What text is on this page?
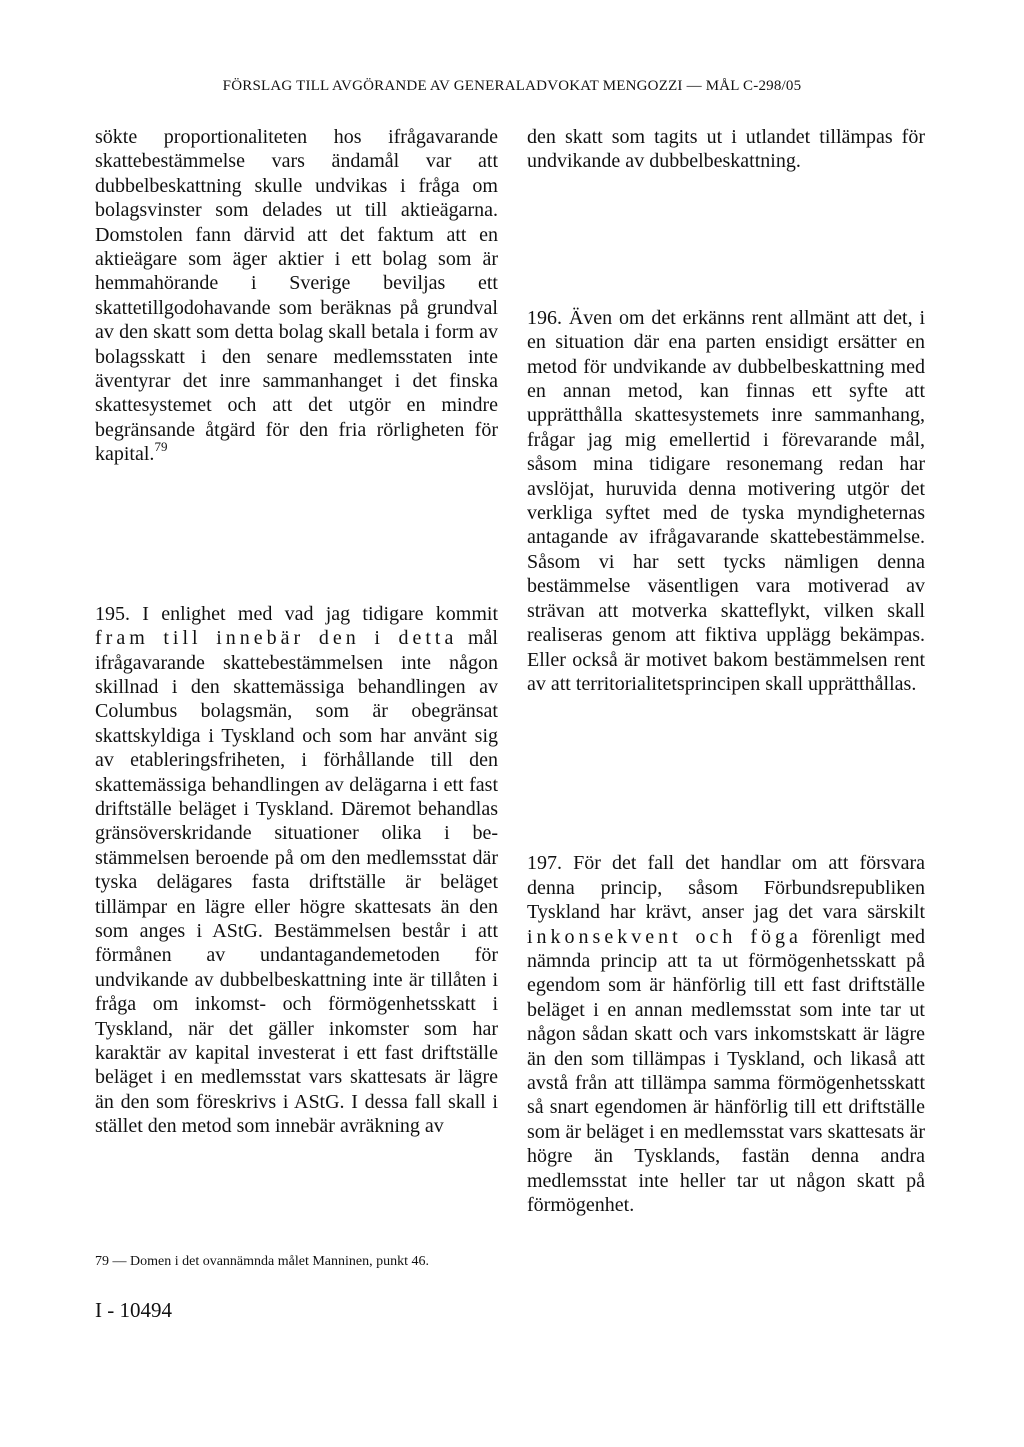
FÖRSLAG TILL AVGÖRANDE AV GENERALADVOKAT MENGOZZI — MÅL C-298/05

sökte proportionaliteten hos ifrågavarande skattebestämmelse vars ändamål var att dubbelbeskattning skulle undvikas i fråga om bolagsvinster som delades ut till aktieägarna. Domstolen fann därvid att det faktum att en aktieägare som äger aktier i ett bolag som är hemmahörande i Sverige beviljas ett skattetillgodohavande som beräknas på grundval av den skatt som detta bolag skall betala i form av bolagsskatt i den senare medlemsstaten inte äventyrar det inre sammanhanget i det finska skattesystemet och att det utgör en mindre begränsande åtgärd för den fria rörligheten för kapital.$^{79}$

195. I enlighet med vad jag tidigare kommit fram till innebär den i detta mål ifrågavarande skattebestämmelsen inte någon skillnad i den skattemässiga behandlingen av Columbus bolagsmän, som är obegränsat skattskyldiga i Tyskland och som har använt sig av etableringsfriheten, i förhållande till den skattemässiga behandlingen av delägarna i ett fast driftställe beläget i Tyskland. Däremot behandlas gränsöverskridande situationer olika i bestämmelsen beroende på om den medlemsstat där tyska delägares fasta driftställe är beläget tillämpar en lägre eller högre skattesats än den som anges i AStG. Bestämmelsen består i att förmånen av undantagandemetoden för undvikande av dubbelbeskattning inte är tillåten i fråga om inkomst- och förmögenhetsskatt i Tyskland, när det gäller inkomster som har karaktär av kapital investerat i ett fast driftställe beläget i en medlemsstat vars skattesats är lägre än den som föreskrivs i AStG. I dessa fall skall i stället den metod som innebär avräkning av

den skatt som tagits ut i utlandet tillämpas för undvikande av dubbelbeskattning.

196. Även om det erkänns rent allmänt att det, i en situation där ena parten ensidigt ersätter en metod för undvikande av dubbelbeskattning med en annan metod, kan finnas ett syfte att upprätthålla skattesystemets inre sammanhang, frågar jag mig emellertid i förevarande mål, såsom mina tidigare resonemang redan har avslöjat, huruvida denna motivering utgör det verkliga syftet med de tyska myndigheternas antagande av ifrågavarande skattebestämmelse. Såsom vi har sett tycks nämligen denna bestämmelse väsentligen vara motiverad av strävan att motverka skatteflykt, vilken skall realiseras genom att fiktiva upplägg bekämpas. Eller också är motivet bakom bestämmelsen rent av att territorialitetsprincipen skall upprätthållas.

197. För det fall det handlar om att försvara denna princip, såsom Förbundsrepubliken Tyskland har krävt, anser jag det vara särskilt inkonsekvent och föga förenligt med nämnda princip att ta ut förmögenhetsskatt på egendom som är hänförlig till ett fast driftställe beläget i en annan medlemsstat som inte tar ut någon sådan skatt och vars inkomstskatt är lägre än den som tillämpas i Tyskland, och likaså att avstå från att tillämpa samma förmögenhetsskatt så snart egendomen är hänförlig till ett driftställe som är beläget i en medlemsstat vars skattesats är högre än Tysklands, fastän denna andra medlemsstat inte heller tar ut någon skatt på förmögenhet.

79 — Domen i det ovannämnda målet Manninen, punkt 46.
I - 10494
